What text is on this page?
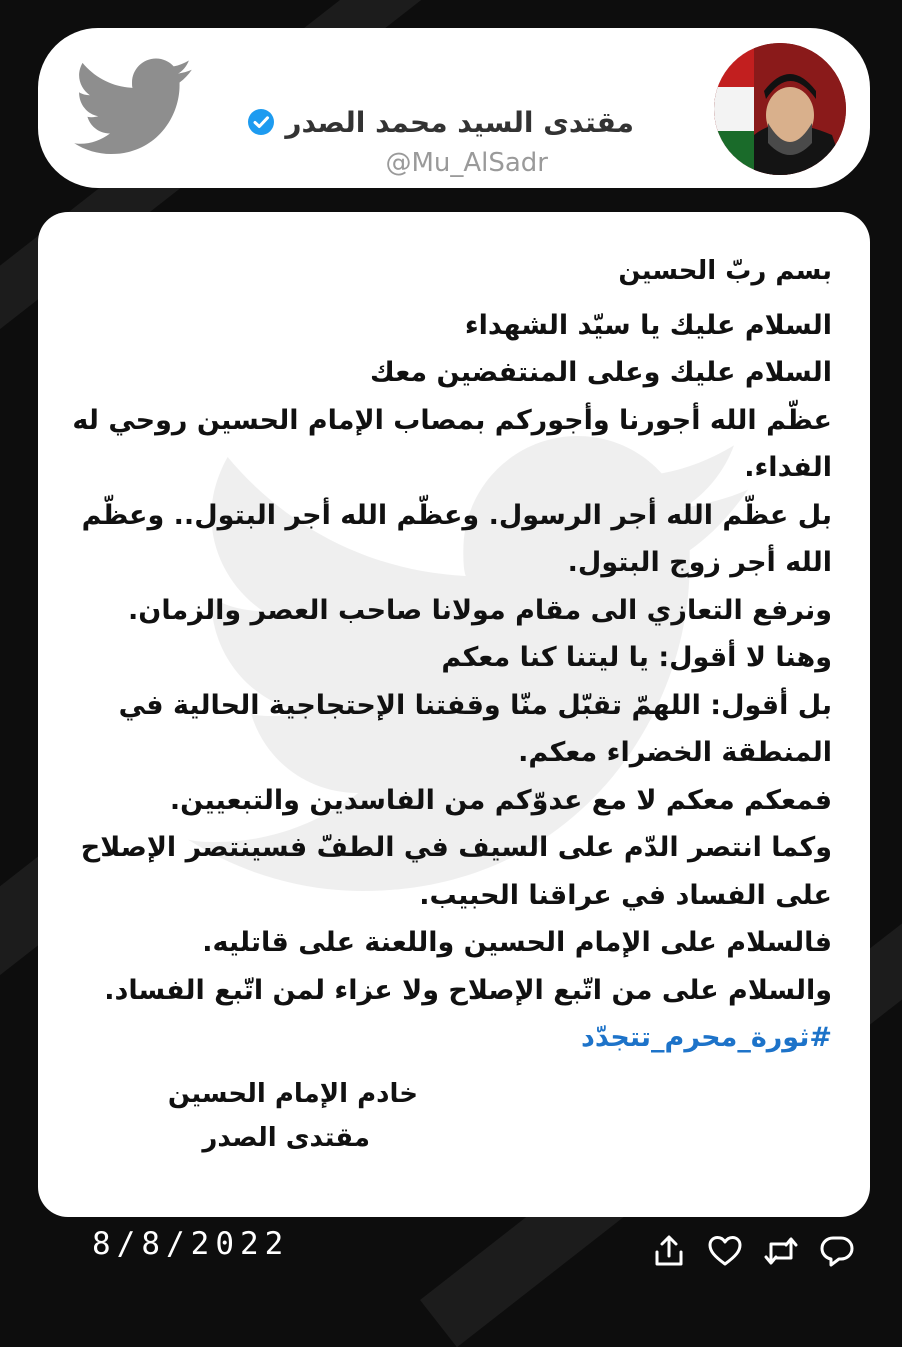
مقتدى السيد محمد الصدر
@Mu_AlSadr

بسم ربّ الحسين

السلام عليك يا سيّد الشهداء

السلام عليك وعلى المنتفضين معك

عظّم الله أجورنا وأجوركم بمصاب الإمام الحسين روحي له الفداء.

بل عظّم الله أجر الرسول. وعظّم الله أجر البتول.. وعظّم الله أجر زوج البتول.

ونرفع التعازي الى مقام مولانا صاحب العصر والزمان.

وهنا لا أقول: يا ليتنا كنا معكم

بل أقول: اللهمّ تقبّل منّا وقفتنا الإحتجاجية الحالية في المنطقة الخضراء معكم.

فمعكم معكم لا مع عدوّكم من الفاسدين والتبعيين.

وكما انتصر الدّم على السيف في الطفّ فسينتصر الإصلاح على الفساد في عراقنا الحبيب.

فالسلام على الإمام الحسين واللعنة على قاتليه.

والسلام على من اتّبع الإصلاح ولا عزاء لمن اتّبع الفساد.

#ثورة_محرم_تتجدّد

خادم الإمام الحسين
مقتدى الصدر
8/8/2022
